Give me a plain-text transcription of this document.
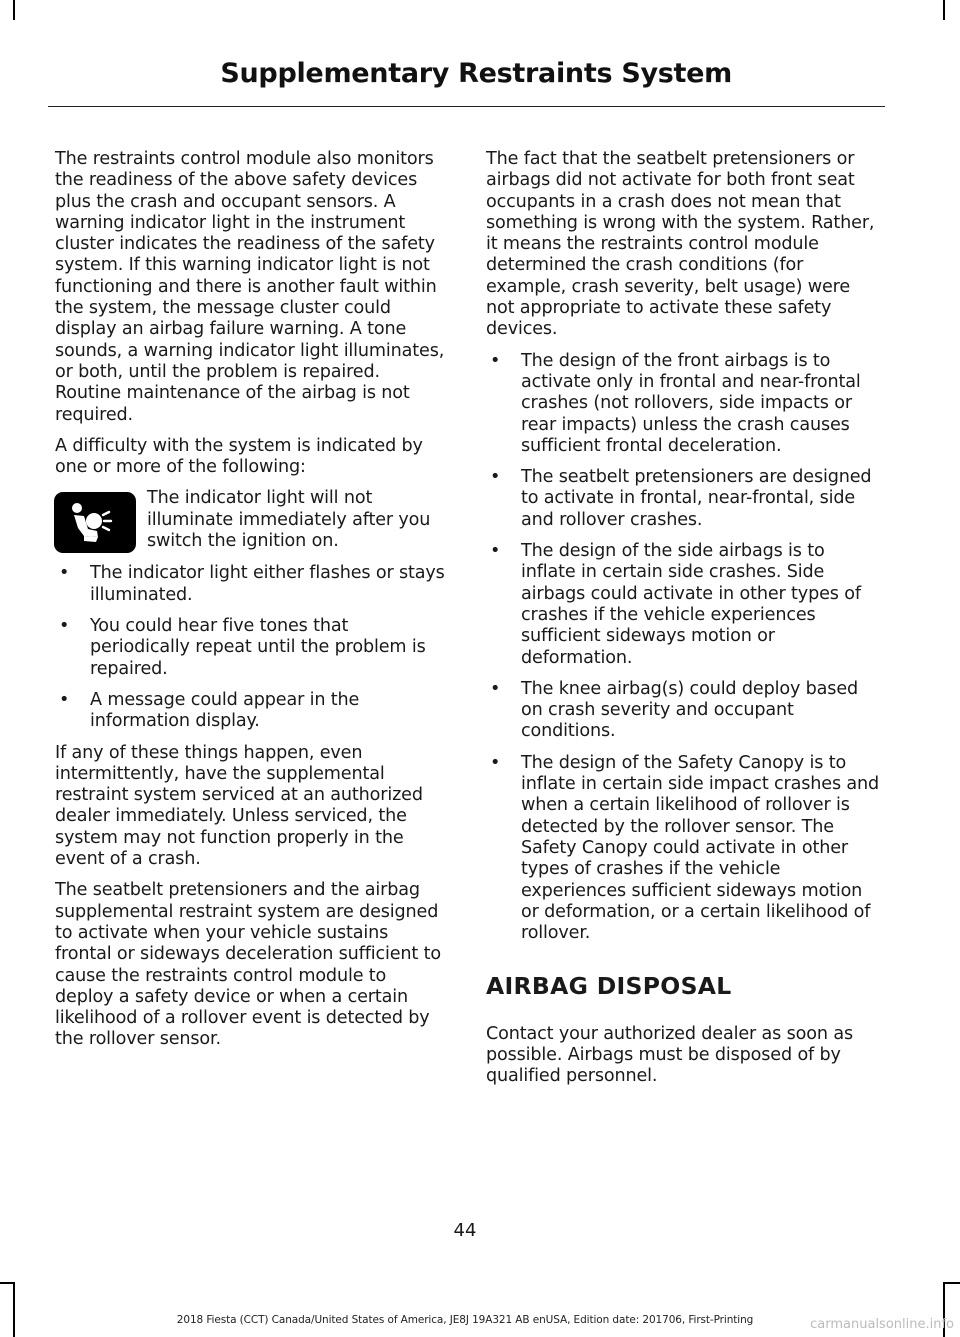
Supplementary Restraints System

The restraints control module also monitors the readiness of the above safety devices plus the crash and occupant sensors. A warning indicator light in the instrument cluster indicates the readiness of the safety system. If this warning indicator light is not functioning and there is another fault within the system, the message cluster could display an airbag failure warning. A tone sounds, a warning indicator light illuminates, or both, until the problem is repaired. Routine maintenance of the airbag is not required.

A difficulty with the system is indicated by one or more of the following:

The indicator light will not illuminate immediately after you switch the ignition on.
• The indicator light either flashes or stays illuminated.
• You could hear five tones that periodically repeat until the problem is repaired.
• A message could appear in the information display.

If any of these things happen, even intermittently, have the supplemental restraint system serviced at an authorized dealer immediately. Unless serviced, the system may not function properly in the event of a crash.

The seatbelt pretensioners and the airbag supplemental restraint system are designed to activate when your vehicle sustains frontal or sideways deceleration sufficient to cause the restraints control module to deploy a safety device or when a certain likelihood of a rollover event is detected by the rollover sensor.

The fact that the seatbelt pretensioners or airbags did not activate for both front seat occupants in a crash does not mean that something is wrong with the system. Rather, it means the restraints control module determined the crash conditions (for example, crash severity, belt usage) were not appropriate to activate these safety devices.

• The design of the front airbags is to activate only in frontal and near-frontal crashes (not rollovers, side impacts or rear impacts) unless the crash causes sufficient frontal deceleration.
• The seatbelt pretensioners are designed to activate in frontal, near-frontal, side and rollover crashes.
• The design of the side airbags is to inflate in certain side crashes. Side airbags could activate in other types of crashes if the vehicle experiences sufficient sideways motion or deformation.
• The knee airbag(s) could deploy based on crash severity and occupant conditions.
• The design of the Safety Canopy is to inflate in certain side impact crashes and when a certain likelihood of rollover is detected by the rollover sensor. The Safety Canopy could activate in other types of crashes if the vehicle experiences sufficient sideways motion or deformation, or a certain likelihood of rollover.
AIRBAG DISPOSAL

Contact your authorized dealer as soon as possible. Airbags must be disposed of by qualified personnel.

44
2018 Fiesta (CCT) Canada/United States of America, JE8J 19A321 AB enUSA, Edition date: 201706, First-Printing	carmanualsonline.info
